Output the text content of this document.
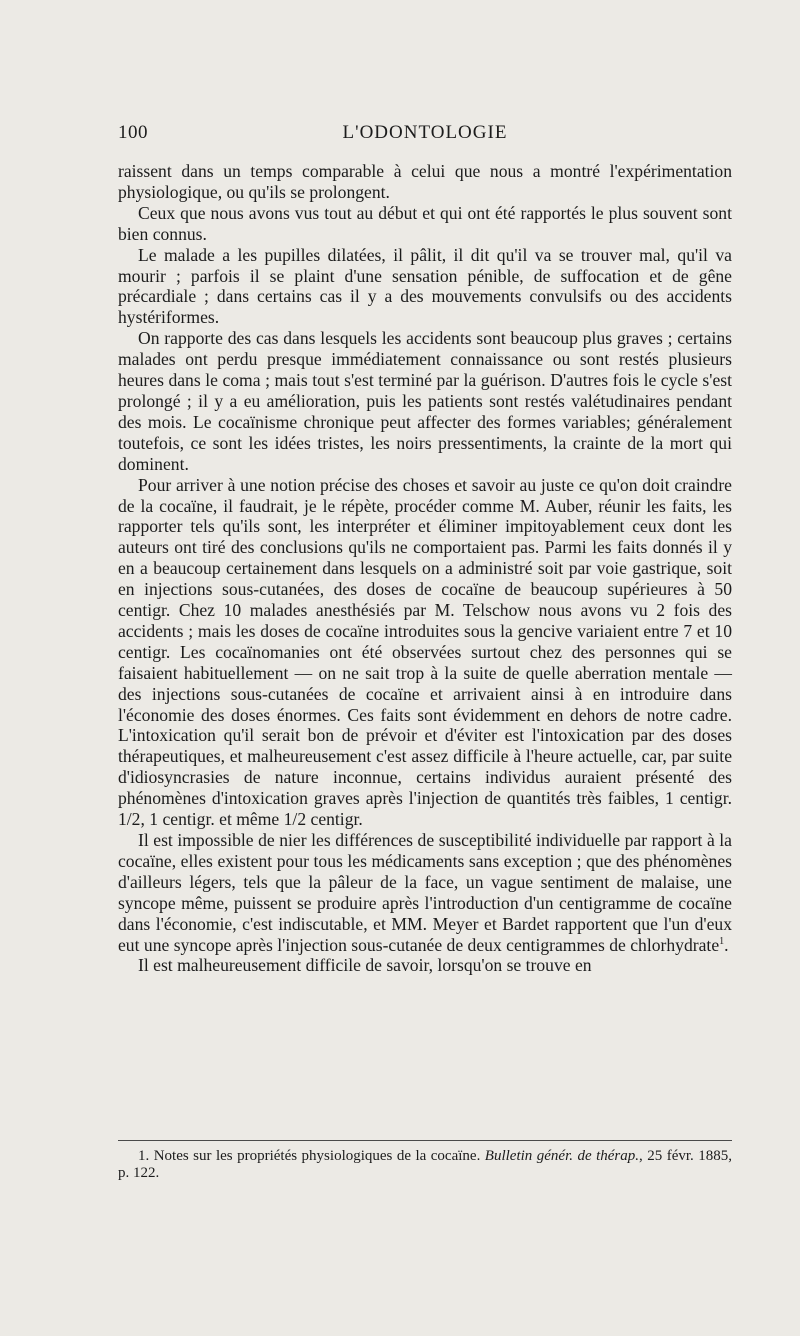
100	L'ODONTOLOGIE

raissent dans un temps comparable à celui que nous a montré l'expérimentation physiologique, ou qu'ils se prolongent.

Ceux que nous avons vus tout au début et qui ont été rapportés le plus souvent sont bien connus.

Le malade a les pupilles dilatées, il pâlit, il dit qu'il va se trouver mal, qu'il va mourir ; parfois il se plaint d'une sensation pénible, de suffocation et de gêne précardiale ; dans certains cas il y a des mouvements convulsifs ou des accidents hystériformes.

On rapporte des cas dans lesquels les accidents sont beaucoup plus graves ; certains malades ont perdu presque immédiatement connaissance ou sont restés plusieurs heures dans le coma ; mais tout s'est terminé par la guérison. D'autres fois le cycle s'est prolongé ; il y a eu amélioration, puis les patients sont restés valétudinaires pendant des mois. Le cocaïnisme chronique peut affecter des formes variables; généralement toutefois, ce sont les idées tristes, les noirs pressentiments, la crainte de la mort qui dominent.

Pour arriver à une notion précise des choses et savoir au juste ce qu'on doit craindre de la cocaïne, il faudrait, je le répète, procéder comme M. Auber, réunir les faits, les rapporter tels qu'ils sont, les interpréter et éliminer impitoyablement ceux dont les auteurs ont tiré des conclusions qu'ils ne comportaient pas. Parmi les faits donnés il y en a beaucoup certainement dans lesquels on a administré soit par voie gastrique, soit en injections sous-cutanées, des doses de cocaïne de beaucoup supérieures à 50 centigr. Chez 10 malades anesthésiés par M. Telschow nous avons vu 2 fois des accidents ; mais les doses de cocaïne introduites sous la gencive variaient entre 7 et 10 centigr. Les cocaïnomanies ont été observées surtout chez des personnes qui se faisaient habituellement — on ne sait trop à la suite de quelle aberration mentale — des injections sous-cutanées de cocaïne et arrivaient ainsi à en introduire dans l'économie des doses énormes. Ces faits sont évidemment en dehors de notre cadre. L'intoxication qu'il serait bon de prévoir et d'éviter est l'intoxication par des doses thérapeutiques, et malheureusement c'est assez difficile à l'heure actuelle, car, par suite d'idiosyncrasies de nature inconnue, certains individus auraient présenté des phénomènes d'intoxication graves après l'injection de quantités très faibles, 1 centigr. 1/2, 1 centigr. et même 1/2 centigr.

Il est impossible de nier les différences de susceptibilité individuelle par rapport à la cocaïne, elles existent pour tous les médicaments sans exception ; que des phénomènes d'ailleurs légers, tels que la pâleur de la face, un vague sentiment de malaise, une syncope même, puissent se produire après l'introduction d'un centigramme de cocaïne dans l'économie, c'est indiscutable, et MM. Meyer et Bardet rapportent que l'un d'eux eut une syncope après l'injection sous-cutanée de deux centigrammes de chlorhydrate$^1$.

Il est malheureusement difficile de savoir, lorsqu'on se trouve en

1. Notes sur les propriétés physiologiques de la cocaïne. Bulletin génér. de thérap., 25 févr. 1885, p. 122.
